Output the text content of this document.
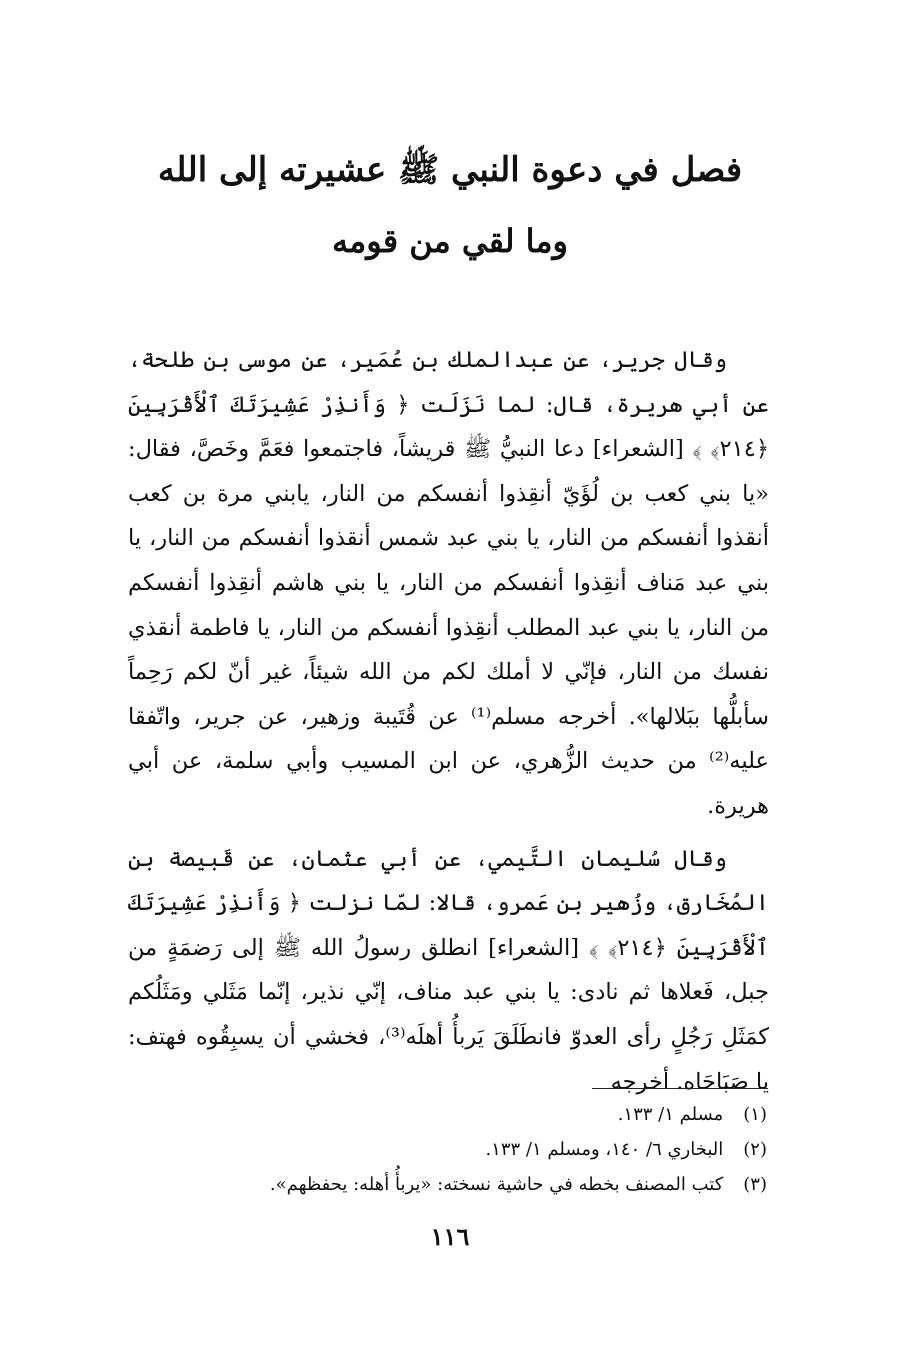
فصل في دعوة النبي ﷺ عشيرته إلى الله
وما لقي من قومه

وقال جرير، عن عبدالملك بن عُمَير، عن موسى بن طلحة، عن أبي هريرة، قال: لما نَزَلَت ﴿ وَأَنذِرْ عَشِيرَتَكَ ٱلْأَقْرَبِينَ ﴿٢١٤﴾ ﴾ [الشعراء] دعا النبيُّ ﷺ قريشاً، فاجتمعوا فعَمَّ وخَصَّ، فقال: «يا بني كعب بن لُؤَيّ أنقِذوا أنفسكم من النار، يابني مرة بن كعب أنقذوا أنفسكم من النار، يا بني عبد شمس أنقذوا أنفسكم من النار، يا بني عبد مَناف أنقِذوا أنفسكم من النار، يا بني هاشم أنقِذوا أنفسكم من النار، يا بني عبد المطلب أنقِذوا أنفسكم من النار، يا فاطمة أنقذي نفسك من النار، فإنّي لا أملك لكم من الله شيئاً، غير أنّ لكم رَحِماً سأبلُّها ببَلالها». أخرجه مسلم⁽¹⁾ عن قُتَيبة وزهير، عن جرير، واتّفقا عليه⁽²⁾ من حديث الزُّهري، عن ابن المسيب وأبي سلمة، عن أبي هريرة.

وقال سُليمان التَّيمي، عن أبي عثمان، عن قَبيصة بن المُخَارق، وزُهير بن عَمرو، قالا: لمّا نزلت ﴿ وَأَنذِرْ عَشِيرَتَكَ ٱلْأَقْرَبِينَ ﴿٢١٤﴾ ﴾ [الشعراء] انطلق رسولُ الله ﷺ إلى رَضمَةٍ من جبل، فَعلاها ثم نادى: يا بني عبد مناف، إنّي نذير، إنّما مَثَلي ومَثَلُكم كمَثَلِ رَجُلٍ رأى العدوّ فانطَلَقَ يَربأُ أهلَه⁽³⁾، فخشي أن يسبِقُوه فهتف: يا صَبَاحَاه. أخرجه

(١) مسلم ١/ ١٣٣.

(٢) البخاري ٦/ ١٤٠، ومسلم ١/ ١٣٣.

(٣) كتب المصنف بخطه في حاشية نسخته: «يربأُ أهله: يحفظهم».

١١٦
